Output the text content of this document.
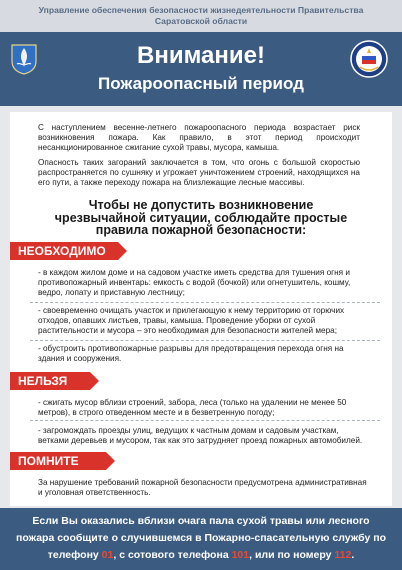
Управление обеспечения безопасности жизнедеятельности Правительства
Саратовской области
Внимание!
Пожароопасный период

С наступлением весенне-летнего пожароопасного периода возрастает риск возникновения пожара. Как правило, в этот период происходит несанкционированное сжигание сухой травы, мусора, камыша.

Опасность таких загораний заключается в том, что огонь с большой скоростью распространяется по сушняку и угрожает уничтожением строений, находящихся на его пути, а также переходу пожара на близлежащие лесные массивы.

Чтобы не допустить возникновение
чрезвычайной ситуации, соблюдайте простые
правила пожарной безопасности:
НЕОБХОДИМО

- в каждом жилом доме и на садовом участке иметь средства для тушения огня и противопожарный инвентарь: емкость с водой (бочкой) или огнетушитель, кошму, ведро, лопату и приставную лестницу;

- своевременно очищать участок и прилегающую к нему территорию от горючих отходов, опавших листьев, травы, камыша. Проведение уборки от сухой растительности и мусора – это необходимая для безопасности жителей мера;

- обустроить противопожарные разрывы для предотвращения перехода огня на здания и сооружения.

НЕЛЬЗЯ

- сжигать мусор вблизи строений, забора, леса (только на удалении не менее 50 метров), в строго отведенном месте и в безветренную погоду;

- загромождать проезды улиц, ведущих к частным домам и садовым участкам, ветками деревьев и мусором, так как это затрудняет проезд пожарных автомобилей.

ПОМНИТЕ

За нарушение требований пожарной безопасности предусмотрена административная и уголовная ответственность.

Если Вы оказались вблизи очага пала сухой травы или лесного
пожара сообщите о случившемся в Пожарно-спасательную службу по
телефону 01, с сотового телефона 101, или по номеру 112.
